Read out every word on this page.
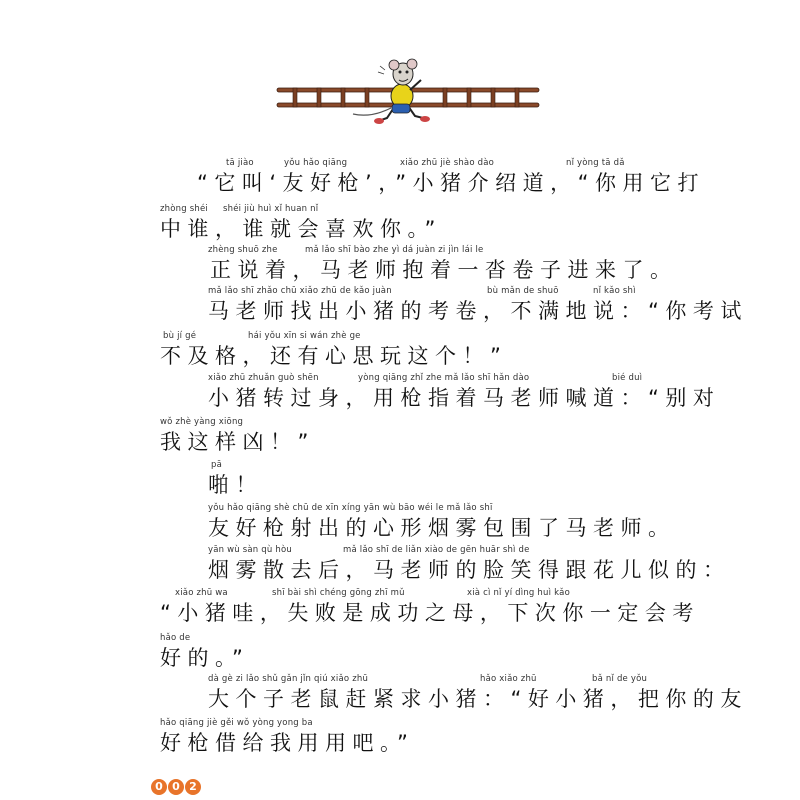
tā jiào	yǒu hǎo qiāng	xiǎo zhū jiè shào dào	nǐ yòng tā dǎ
“它叫‘友好枪’，”小猪介绍道，“你用它打
zhòng shéi shéi jiù huì xǐ huan nǐ
中谁，谁就会喜欢你。”
zhèng shuō zhe	mǎ lǎo shī bào zhe yì dá juàn zi jìn lái le
正说着，马老师抱着一沓卷子进来了。
mǎ lǎo shī zhǎo chū xiǎo zhū de kǎo juàn	bù mǎn de shuō	nǐ kǎo shì
马老师找出小猪的考卷，不满地说：“你考试
bù jí gé	hái yǒu xīn si wán zhè ge
不及格，还有心思玩这个！”
xiǎo zhū zhuǎn guò shēn	yòng qiāng zhǐ zhe mǎ lǎo shī hǎn dào	bié duì
小猪转过身，用枪指着马老师喊道：“别对
wǒ zhè yàng xiōng
我这样凶！”
pā
啪！
yǒu hǎo qiāng shè chū de xīn xíng yān wù bāo wéi le mǎ lǎo shī
友好枪射出的心形烟雾包围了马老师。
yān wù sàn qù hòu	mǎ lǎo shī de liǎn xiào de gēn huār shì de
烟雾散去后，马老师的脸笑得跟花儿似的：
xiǎo zhū wa	shī bài shì chéng gōng zhī mǔ	xià cì nǐ yí dìng huì kǎo
“小猪哇，失败是成功之母，下次你一定会考
hǎo de
好的。”
dà gè zi lǎo shǔ gǎn jǐn qiú xiǎo zhū	hǎo xiǎo zhū	bǎ nǐ de yǒu
大个子老鼠赶紧求小猪：“好小猪，把你的友
hǎo qiāng jiè gěi wǒ yòng yong ba
好枪借给我用用吧。”
0 0 2
